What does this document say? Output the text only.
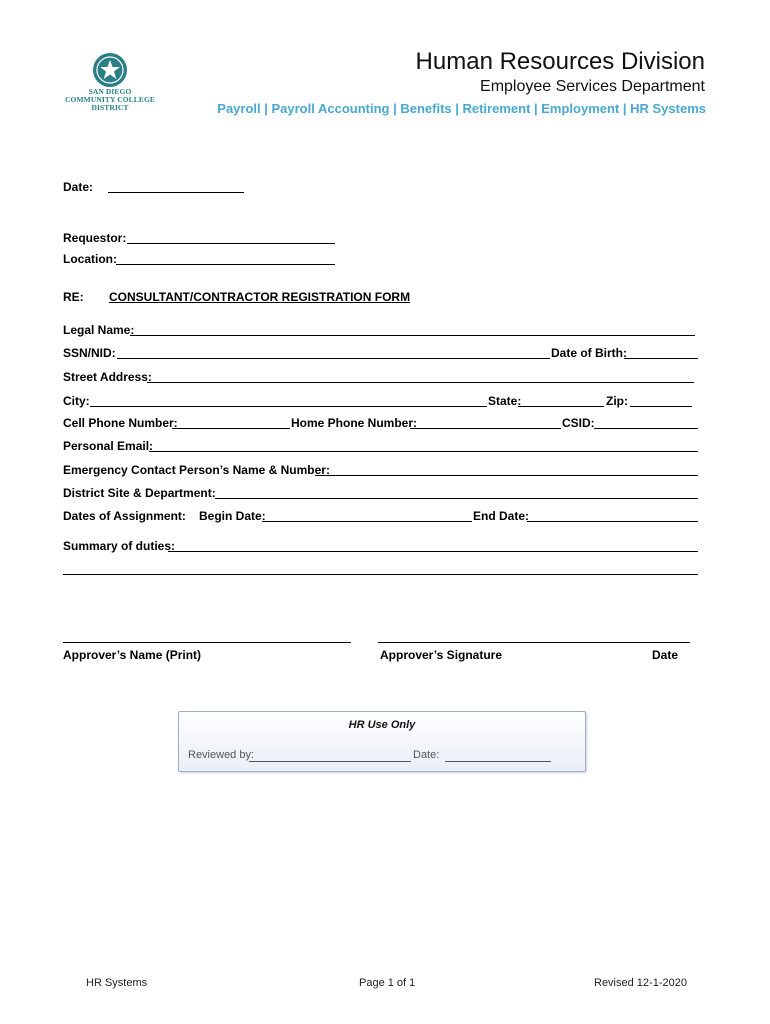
SAN DIEGO
COMMUNITY COLLEGE
DISTRICT
Human Resources Division
Employee Services Department
Payroll | Payroll Accounting | Benefits | Retirement | Employment | HR Systems
Date:
Requestor:
Location:
RE: CONSULTANT/CONTRACTOR REGISTRATION FORM
Legal Name:
SSN/NID:	Date of Birth:
Street Address:
City:	State:	Zip:
Cell Phone Number:	Home Phone Number:	CSID:
Personal Email:
Emergency Contact Person’s Name & Number:
District Site & Department:
Dates of Assignment: Begin Date:	End Date:
Summary of duties:
Approver’s Name (Print)	Approver’s Signature	Date
HR Use Only
Reviewed by:	Date:
HR Systems	Page 1 of 1	Revised 12-1-2020
